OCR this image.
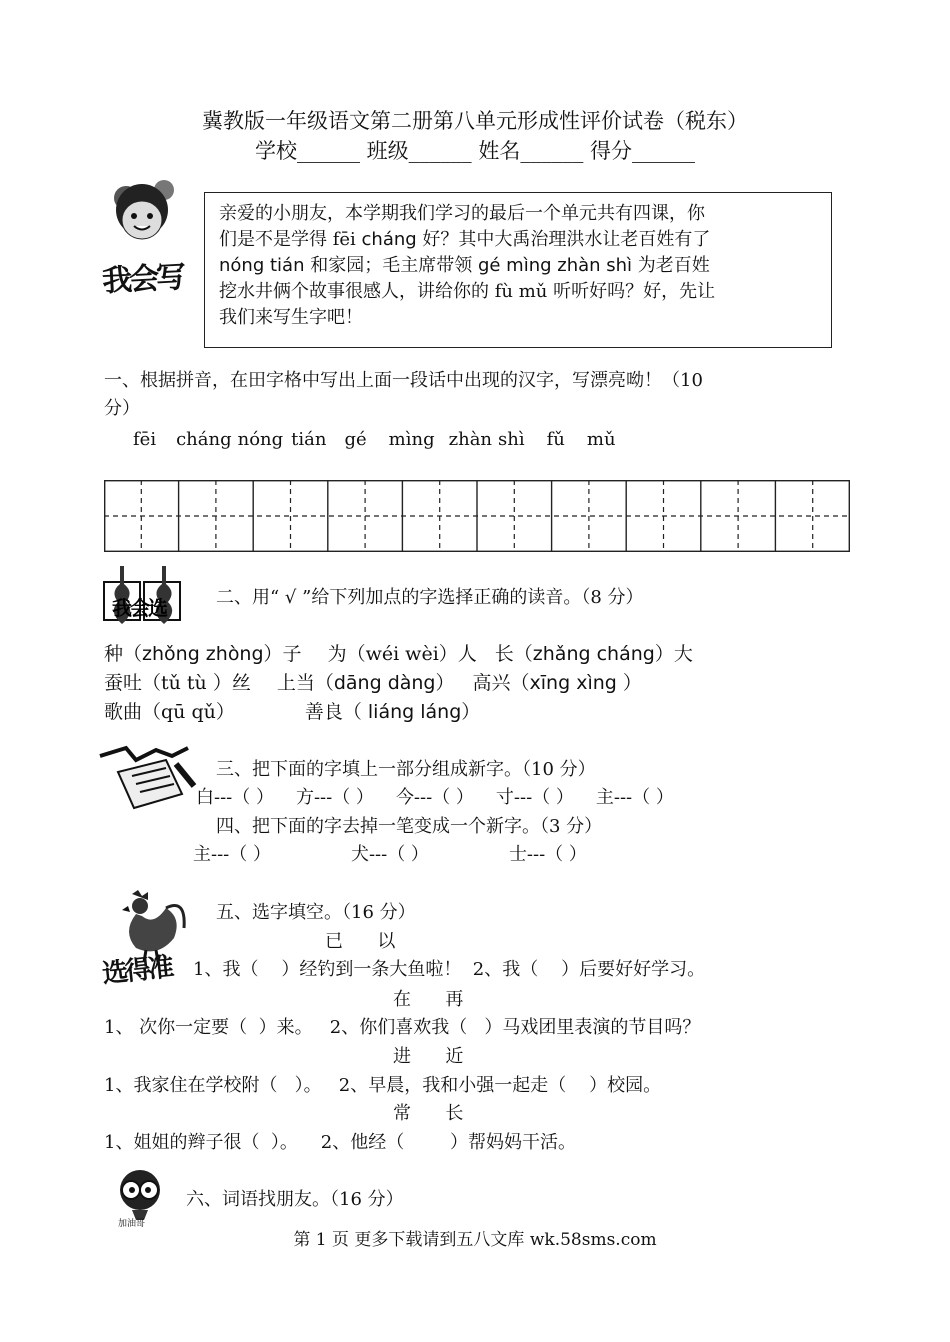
冀教版一年级语文第二册第八单元形成性评价试卷（税东）
学校______ 班级______ 姓名______ 得分______
我会写
亲爱的小朋友，本学期我们学习的最后一个单元共有四课，你
们是不是学得 fēi cháng 好？其中大禹治理洪水让老百姓有了
nóng tián 和家园；毛主席带领 gé mìng zhàn shì 为老百姓
挖水井俩个故事很感人，讲给你的 fù mǔ 听听好吗？好，先让
我们来写生字吧！
一、根据拼音，在田字格中写出上面一段话中出现的汉字，写漂亮呦！（10
分）
fēi cháng nóng tián gé mìng zhàn shì fǔ mǔ
我会选	二、用“ √ ”给下列加点的字选择正确的读音。（8 分）
种（zhǒng zhòng）子 为（wéi wèi）人 长（zhǎng cháng）大
蚕吐（tǔ tù ）丝 上当（dāng dàng） 高兴（xīng xìng ）
歌曲（qū qǔ）	善良（ liáng láng）
三、把下面的字填上一部分组成新字。（10 分）
白---（ ） 方---（ ） 今---（ ） 寸---（ ） 主---（ ）
四、把下面的字去掉一笔变成一个新字。（3 分）
主---（ ）	犬---（ ）	士---（ ）
选得准
五、选字填空。（16 分）
已      以
1、我（    ）经钓到一条大鱼啦！ 2、我（    ）后要好好学习。
在      再
1、 次你一定要（  ）来。 2、你们喜欢我（   ）马戏团里表演的节目吗？
进      近
1、我家住在学校附（   ）。 2、早晨，我和小强一起走（    ）校园。
常      长
1、姐姐的辫子很（  ）。 2、他经（        ）帮妈妈干活。
加油哥
六、词语找朋友。（16 分）
第 1 页 更多下载请到五八文库 wk.58sms.com
